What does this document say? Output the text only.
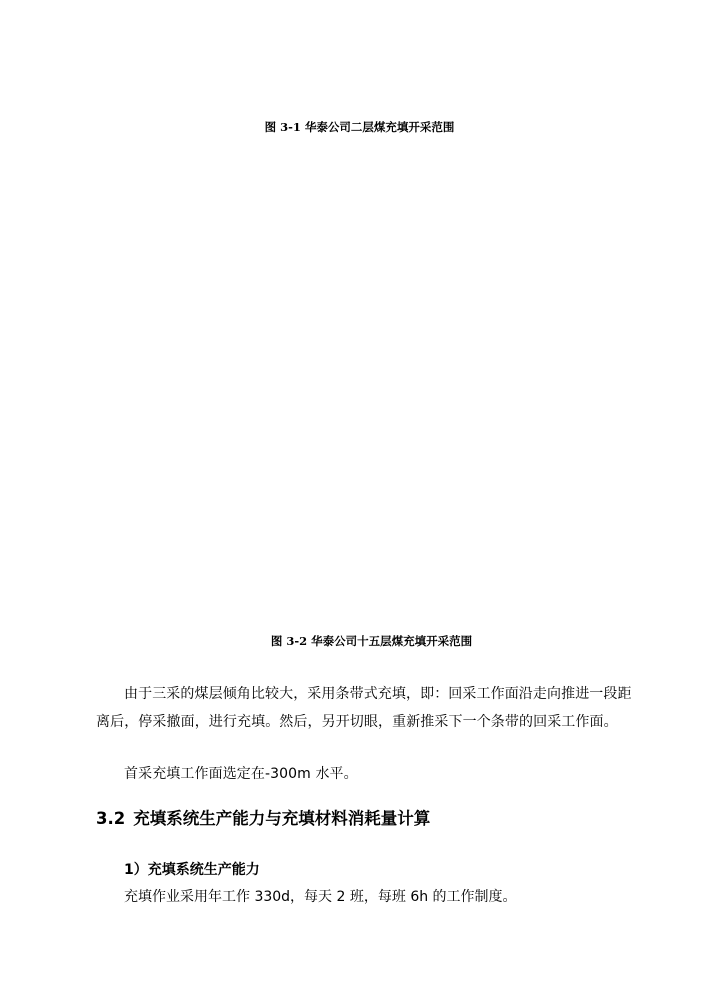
图 3-1 华泰公司二层煤充填开采范围
图 3-2 华泰公司十五层煤充填开采范围

由于三采的煤层倾角比较大，采用条带式充填，即：回采工作面沿走向推进一段距离后，停采撤面，进行充填。然后，另开切眼，重新推采下一个条带的回采工作面。

首采充填工作面选定在-300m 水平。

3.2 充填系统生产能力与充填材料消耗量计算
1）充填系统生产能力
充填作业采用年工作 330d，每天 2 班，每班 6h 的工作制度。
